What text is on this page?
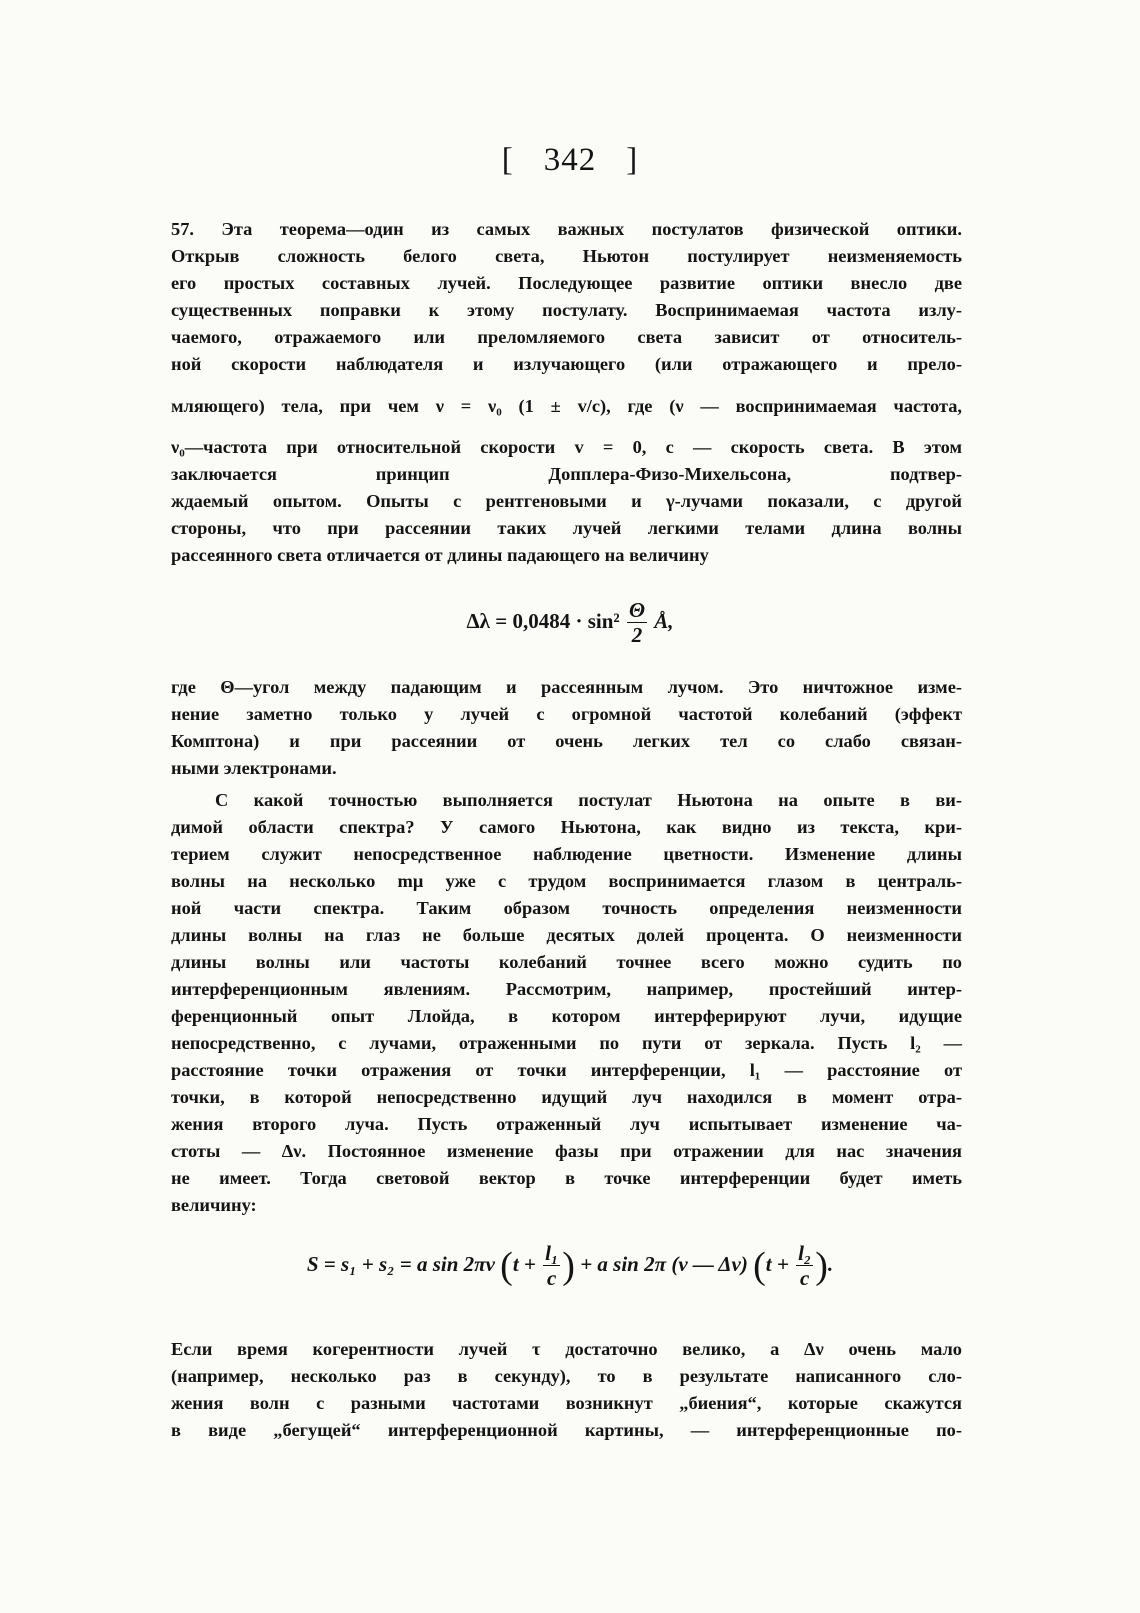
[ 342 ]
57. Эта теорема—один из самых важных постулатов физической оптики.
Открыв сложность белого света, Ньютон постулирует неизменяемость
его простых составных лучей. Последующее развитие оптики внесло две
существенных поправки к этому постулату. Воспринимаемая частота излу-
чаемого, отражаемого или преломляемого света зависит от относитель-
ной скорости наблюдателя и излучающего (или отражающего и прело-
мляющего) тела, при чем ν = ν₀ (1 ± v/c), где (ν — воспринимаемая частота,
ν₀—частота при относительной скорости v = 0, c — скорость света. В этом
заключается принцип Допплера-Физо-Михельсона, подтвер-
ждаемый опытом. Опыты с рентгеновыми и γ-лучами показали, с другой
стороны, что при рассеянии таких лучей легкими телами длина волны
рассеянного света отличается от длины падающего на величину
$\Delta\lambda = 0,0484 \cdot \sin^2 \frac{\Theta}{2}$ Å,
где Θ—угол между падающим и рассеянным лучом. Это ничтожное изме-
нение заметно только у лучей с огромной частотой колебаний (эффект
Комптона) и при рассеянии от очень легких тел со слабо связан-
ными электронами.
С какой точностью выполняется постулат Ньютона на опыте в ви-
димой области спектра? У самого Ньютона, как видно из текста, кри-
терием служит непосредственное наблюдение цветности. Изменение длины
волны на несколько mμ уже с трудом воспринимается глазом в централь-
ной части спектра. Таким образом точность определения неизменности
длины волны на глаз не больше десятых долей процента. О неизменности
длины волны или частоты колебаний точнее всего можно судить по
интерференционным явлениям. Рассмотрим, например, простейший интер-
ференционный опыт Ллойда, в котором интерферируют лучи, идущие
непосредственно, с лучами, отраженными по пути от зеркала. Пусть l₂ —
расстояние точки отражения от точки интерференции, l₁ — расстояние от
точки, в которой непосредственно идущий луч находился в момент отра-
жения второго луча. Пусть отраженный луч испытывает изменение ча-
стоты — Δν. Постоянное изменение фазы при отражении для нас значения
не имеет. Тогда световой вектор в точке интерференции будет иметь
величину:
S = s₁ + s₂ = a sin 2πν ($t + \frac{\text{l₁}}{c}$ ) + a sin 2π (ν — Δν) ($t + \frac{\text{l₂}}{c}$ ).
Если время когерентности лучей τ достаточно велико, а Δν очень мало
(например, несколько раз в секунду), то в результате написанного сло-
жения волн с разными частотами возникнут „биения“, которые скажутся
в виде „бегущей“ интерференционной картины, — интерференционные по-
